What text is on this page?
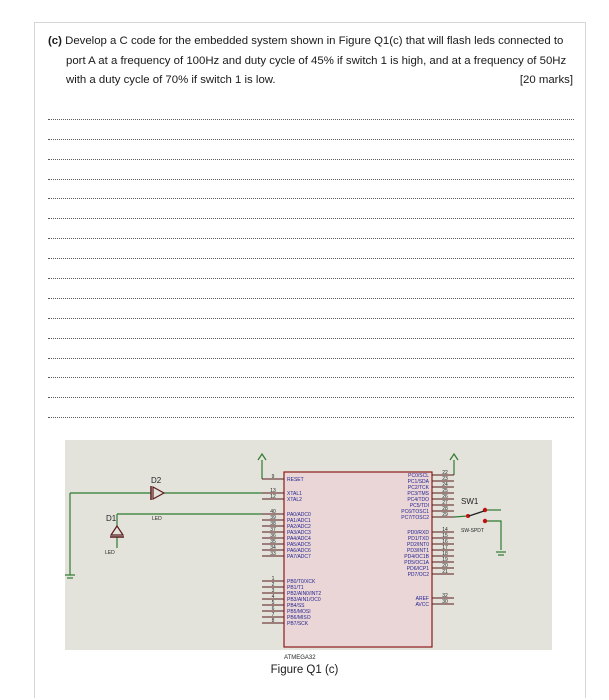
(c) Develop a C code for the embedded system shown in Figure Q1(c) that will flash leds connected to
port A at a frequency of 100Hz and duty cycle of 45% if switch 1 is high, and at a frequency of 50Hz
with a duty cycle of 70% if switch 1 is low.	[20 marks]
9	RESET
13 XTAL1
12 XTAL2
40 PA0/ADC0
39 PA1/ADC1
38 PA2/ADC2
37 PA3/ADC3
36 PA4/ADC4
35 PA5/ADC5
34 PA6/ADC6
33 PA7/ADC7
1	PB0/T0/XCK
2	PB1/T1
3	PB2/AIN0/INT2
4	PB3/AIN1/OC0
5	PB4/SS
6	PB5/MOSI
7	PB6/MISO
8	PB7/SCK
22
PC0/SCL	23
PC1/SDA	24
PC2/TCK	25
PC3/TMS	26
PC4/TDO	27
PC5/TDI	28
PC6/TOSC1	29
PC7/TOSC2
14
PD0/RXD	15
PD1/TXD	16
PD2/INT0	17
PD3/INT1	18
PD4/OC1B	19
PD5/OC1A	20
PD6/ICP1	21
PD7/OC2
32
AREF	30
AVCC
ATMEGA32
D2
LED
D1
LED
SW1
SW-SPDT
Figure Q1 (c)
